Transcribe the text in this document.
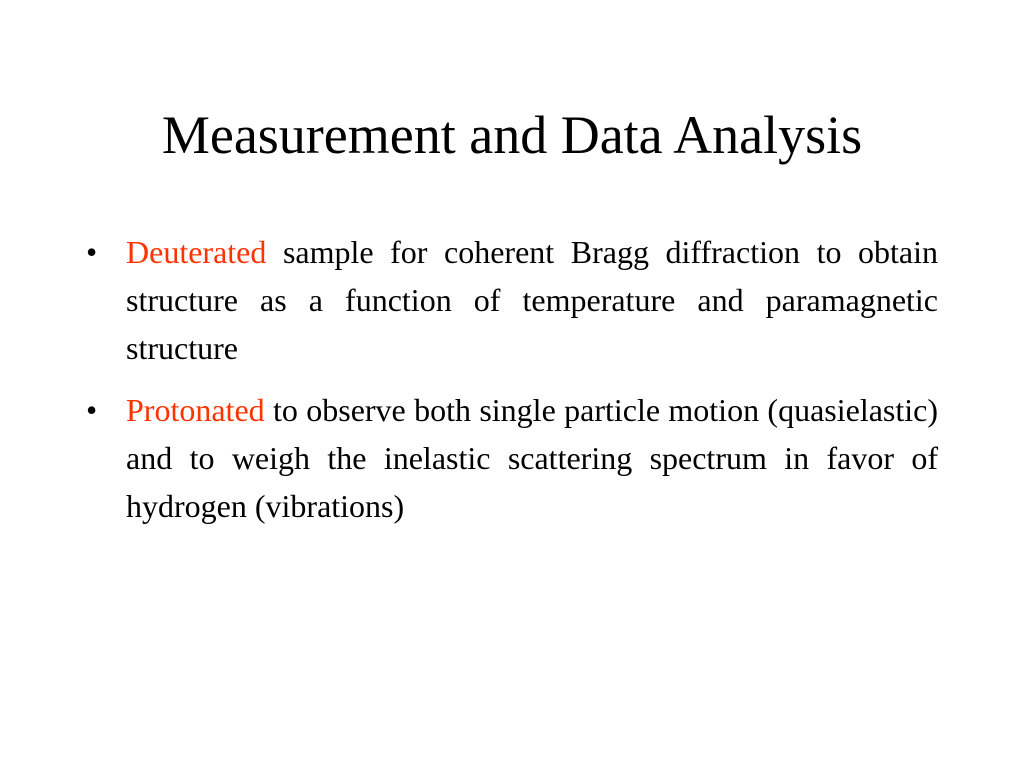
Measurement and Data Analysis
• Deuterated sample for coherent Bragg diffraction to obtain structure as a function of temperature and paramagnetic structure
• Protonated to observe both single particle motion (quasielastic) and to weigh the inelastic scattering spectrum in favor of hydrogen (vibrations)
